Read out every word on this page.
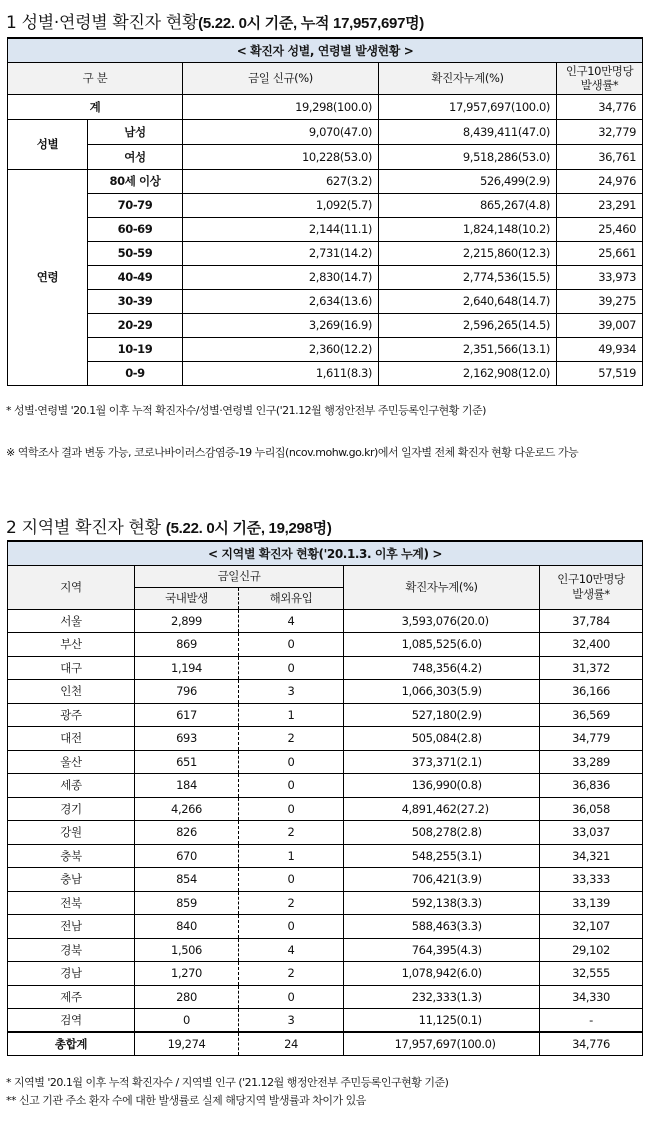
1 성별·연령별 확진자 현황(5.22. 0시 기준, 누적 17,957,697명)
< 확진자 성별, 연령별 발생현황 >				
구 분		금일 신규(%)	확진자누계(%)	인구10만명당
발생률*
계		19,298(100.0)	17,957,697(100.0)	34,776
성별	남성	9,070(47.0)	8,439,411(47.0)	32,779
	여성	10,228(53.0)	9,518,286(53.0)	36,761
연령	80세 이상	627(3.2)	526,499(2.9)	24,976
	70-79	1,092(5.7)	865,267(4.8)	23,291
	60-69	2,144(11.1)	1,824,148(10.2)	25,460
	50-59	2,731(14.2)	2,215,860(12.3)	25,661
	40-49	2,830(14.7)	2,774,536(15.5)	33,973
	30-39	2,634(13.6)	2,640,648(14.7)	39,275
	20-29	3,269(16.9)	2,596,265(14.5)	39,007
	10-19	2,360(12.2)	2,351,566(13.1)	49,934
	0-9	1,611(8.3)	2,162,908(12.0)	57,519
* 성별·연령별 '20.1월 이후 누적 확진자수/성별·연령별 인구('21.12월 행정안전부 주민등록인구현황 기준)
※ 역학조사 결과 변동 가능, 코로나바이러스감염증-19 누리집(ncov.mohw.go.kr)에서 일자별 전체 확진자 현황 다운로드 가능
2 지역별 확진자 현황 (5.22. 0시 기준, 19,298명)
< 지역별 확진자 현황('20.1.3. 이후 누계) >					
지역	금일신규		확진자누계(%)		인구10만명당
발생률*
	국내발생	해외유입			
서울	2,899	4	3,593,076	(20.0)	37,784
부산	869	0	1,085,525	(6.0)	32,400
대구	1,194	0	748,356	(4.2)	31,372
인천	796	3	1,066,303	(5.9)	36,166
광주	617	1	527,180	(2.9)	36,569
대전	693	2	505,084	(2.8)	34,779
울산	651	0	373,371	(2.1)	33,289
세종	184	0	136,990	(0.8)	36,836
경기	4,266	0	4,891,462	(27.2)	36,058
강원	826	2	508,278	(2.8)	33,037
충북	670	1	548,255	(3.1)	34,321
충남	854	0	706,421	(3.9)	33,333
전북	859	2	592,138	(3.3)	33,139
전남	840	0	588,463	(3.3)	32,107
경북	1,506	4	764,395	(4.3)	29,102
경남	1,270	2	1,078,942	(6.0)	32,555
제주	280	0	232,333	(1.3)	34,330
검역	0	3	11,125	(0.1)	-
총합계	19,274	24	17,957,697	(100.0)	34,776
* 지역별 '20.1월 이후 누적 확진자수 / 지역별 인구 ('21.12월 행정안전부 주민등록인구현황 기준)
** 신고 기관 주소 환자 수에 대한 발생률로 실제 해당지역 발생률과 차이가 있음
